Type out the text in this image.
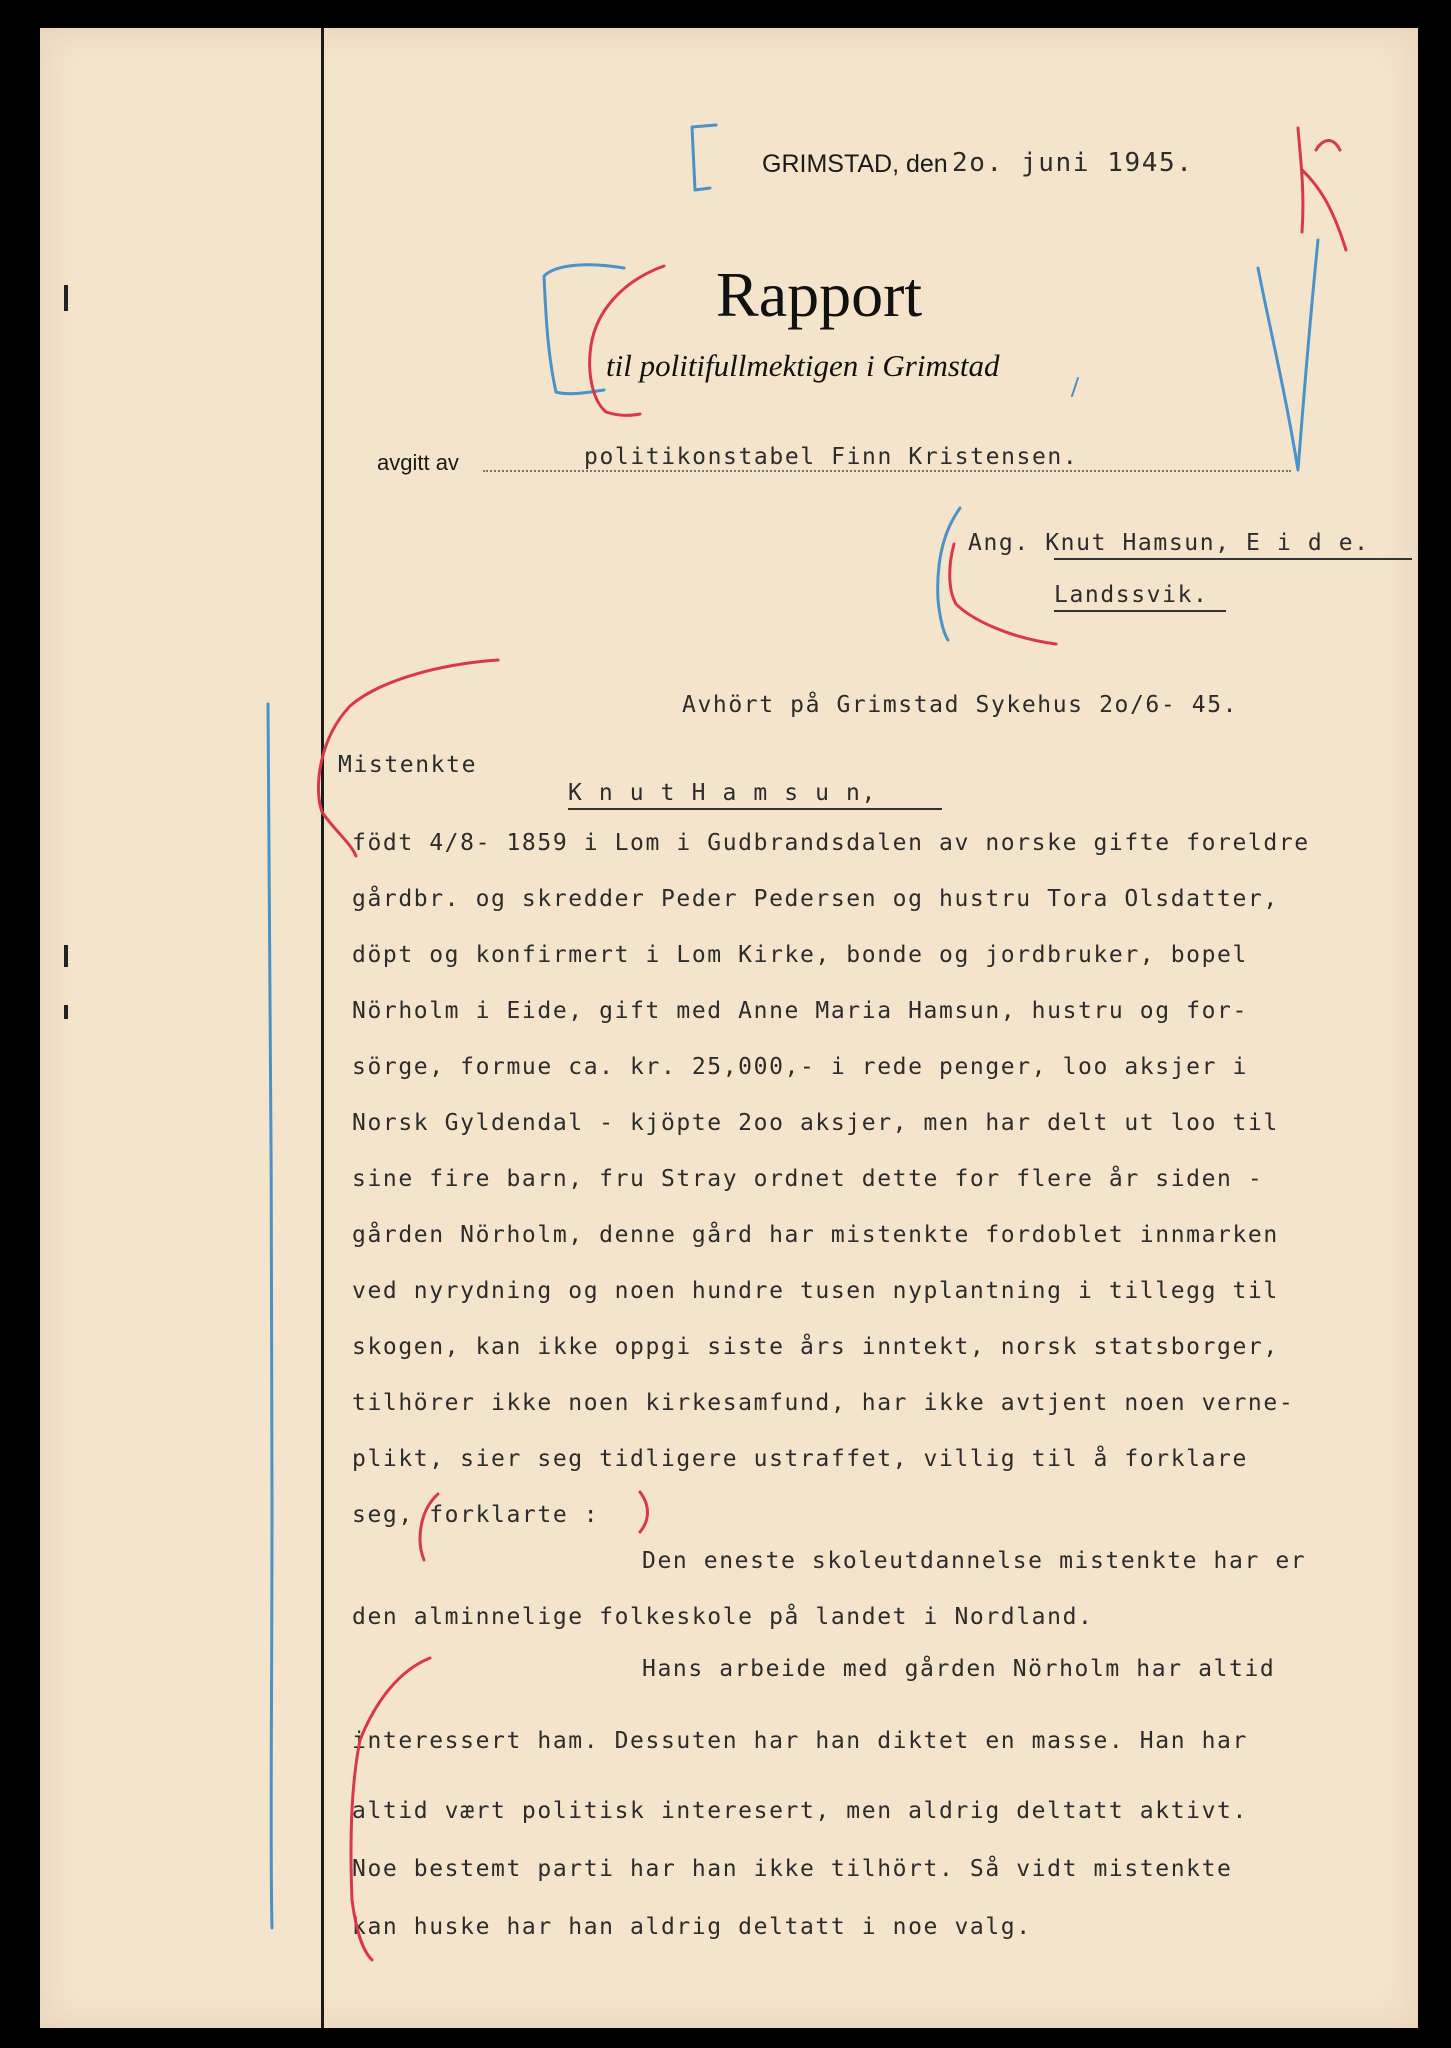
GRIMSTAD, den 2o. juni 1945.
Rapport
til politifullmektigen i Grimstad
avgitt av	politikonstabel Finn Kristensen.
Ang. Knut Hamsun, E i d e.
Landssvik.
Avhört på Grimstad Sykehus 2o/6- 45.
Mistenkte
K n u t H a m s u n,
födt 4/8- 1859 i Lom i Gudbrandsdalen av norske gifte foreldre
gårdbr. og skredder Peder Pedersen og hustru Tora Olsdatter,
döpt og konfirmert i Lom Kirke, bonde og jordbruker, bopel
Nörholm i Eide, gift med Anne Maria Hamsun, hustru og for-
sörge, formue ca. kr. 25,000,- i rede penger, loo aksjer i
Norsk Gyldendal - kjöpte 2oo aksjer, men har delt ut loo til
sine fire barn, fru Stray ordnet dette for flere år siden -
gården Nörholm, denne gård har mistenkte fordoblet innmarken
ved nyrydning og noen hundre tusen nyplantning i tillegg til
skogen, kan ikke oppgi siste års inntekt, norsk statsborger,
tilhörer ikke noen kirkesamfund, har ikke avtjent noen verne-
plikt, sier seg tidligere ustraffet, villig til å forklare
seg, forklarte :
Den eneste skoleutdannelse mistenkte har er
den alminnelige folkeskole på landet i Nordland.
Hans arbeide med gården Nörholm har altid
interessert ham. Dessuten har han diktet en masse. Han har
altid vært politisk interesert, men aldrig deltatt aktivt.
Noe bestemt parti har han ikke tilhört. Så vidt mistenkte
kan huske har han aldrig deltatt i noe valg.
